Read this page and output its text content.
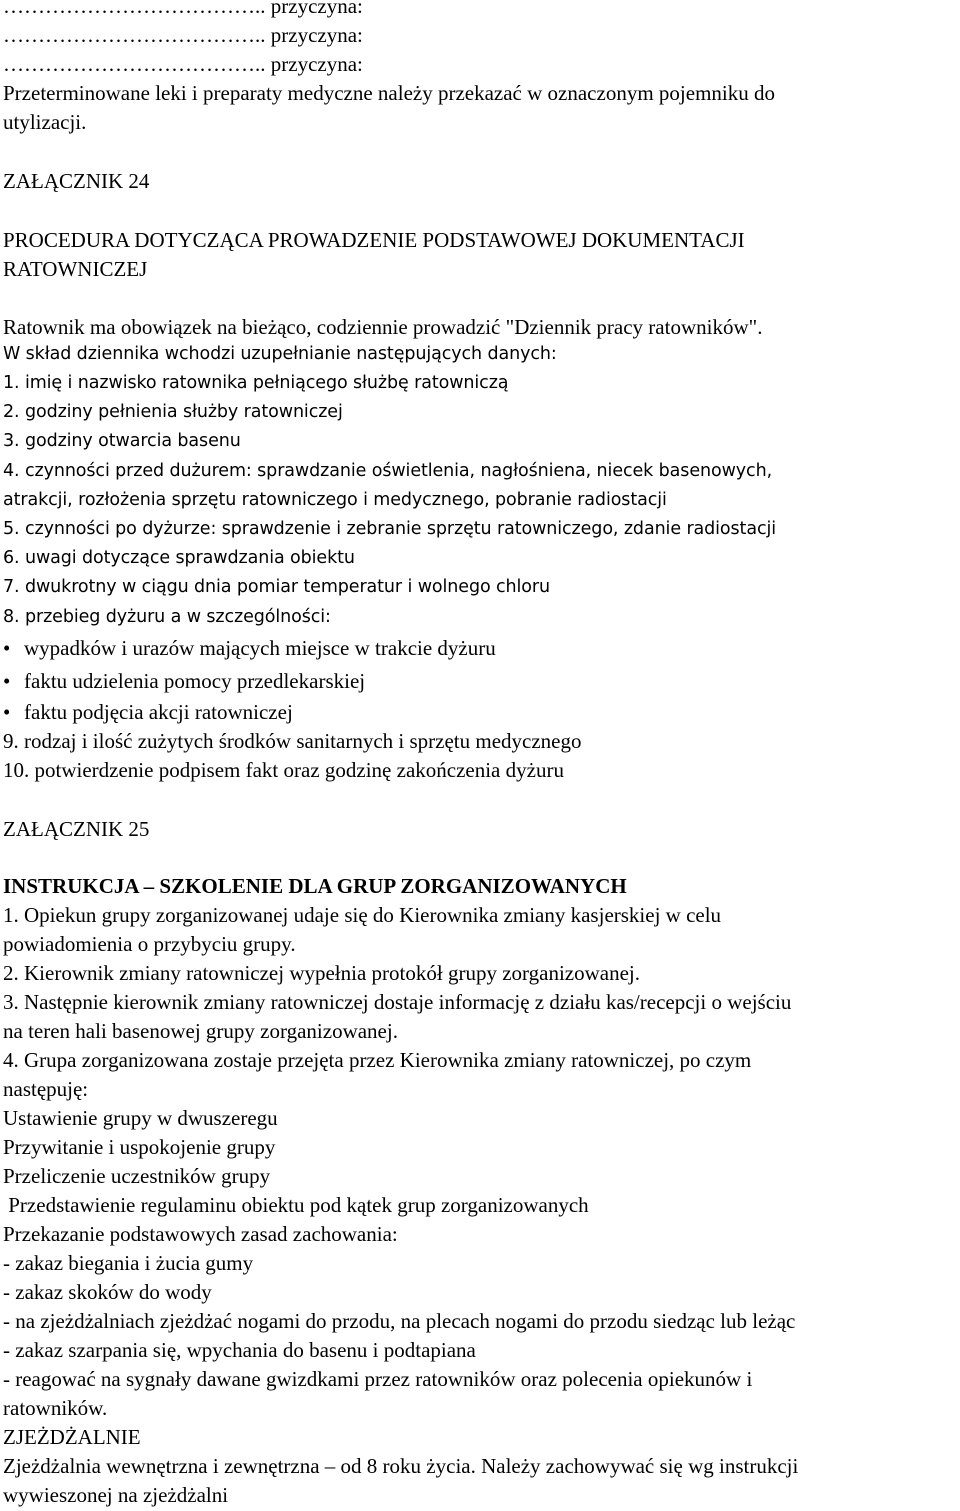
……………………………….. przyczyna:
……………………………….. przyczyna:
……………………………….. przyczyna:
Przeterminowane leki i preparaty medyczne należy przekazać w oznaczonym pojemniku do
utylizacji.
ZAŁĄCZNIK 24
PROCEDURA DOTYCZĄCA PROWADZENIE PODSTAWOWEJ DOKUMENTACJI
RATOWNICZEJ
Ratownik ma obowiązek na bieżąco, codziennie prowadzić "Dziennik pracy ratowników".
W skład dziennika wchodzi uzupełnianie następujących danych:
1. imię i nazwisko ratownika pełniącego służbę ratowniczą
2. godziny pełnienia służby ratowniczej
3. godziny otwarcia basenu
4. czynności przed dużurem: sprawdzanie oświetlenia, nagłośniena, niecek basenowych,
atrakcji, rozłożenia sprzętu ratowniczego i medycznego, pobranie radiostacji
5. czynności po dyżurze: sprawdzenie i zebranie sprzętu ratowniczego, zdanie radiostacji
6. uwagi dotyczące sprawdzania obiektu
7. dwukrotny w ciągu dnia pomiar temperatur i wolnego chloru
8. przebieg dyżuru a w szczególności:
• wypadków i urazów mających miejsce w trakcie dyżuru
• faktu udzielenia pomocy przedlekarskiej
• faktu podjęcia akcji ratowniczej
9. rodzaj i ilość zużytych środków sanitarnych i sprzętu medycznego
10. potwierdzenie podpisem fakt oraz godzinę zakończenia dyżuru
ZAŁĄCZNIK 25
INSTRUKCJA – SZKOLENIE DLA GRUP ZORGANIZOWANYCH
1. Opiekun grupy zorganizowanej udaje się do Kierownika zmiany kasjerskiej w celu
powiadomienia o przybyciu grupy.
2. Kierownik zmiany ratowniczej wypełnia protokół grupy zorganizowanej.
3. Następnie kierownik zmiany ratowniczej dostaje informację z działu kas/recepcji o wejściu
na teren hali basenowej grupy zorganizowanej.
4. Grupa zorganizowana zostaje przejęta przez Kierownika zmiany ratowniczej, po czym
następuję:
Ustawienie grupy w dwuszeregu
Przywitanie i uspokojenie grupy
Przeliczenie uczestników grupy
Przedstawienie regulaminu obiektu pod kątek grup zorganizowanych
Przekazanie podstawowych zasad zachowania:
- zakaz biegania i żucia gumy
- zakaz skoków do wody
- na zjeżdżalniach zjeżdżać nogami do przodu, na plecach nogami do przodu siedząc lub leżąc
- zakaz szarpania się, wpychania do basenu i podtapiana
- reagować na sygnały dawane gwizdkami przez ratowników oraz polecenia opiekunów i
ratowników.
ZJEŻDŻALNIE
Zjeżdżalnia wewnętrzna i zewnętrzna – od 8 roku życia. Należy zachowywać się wg instrukcji
wywieszonej na zjeżdżalni
